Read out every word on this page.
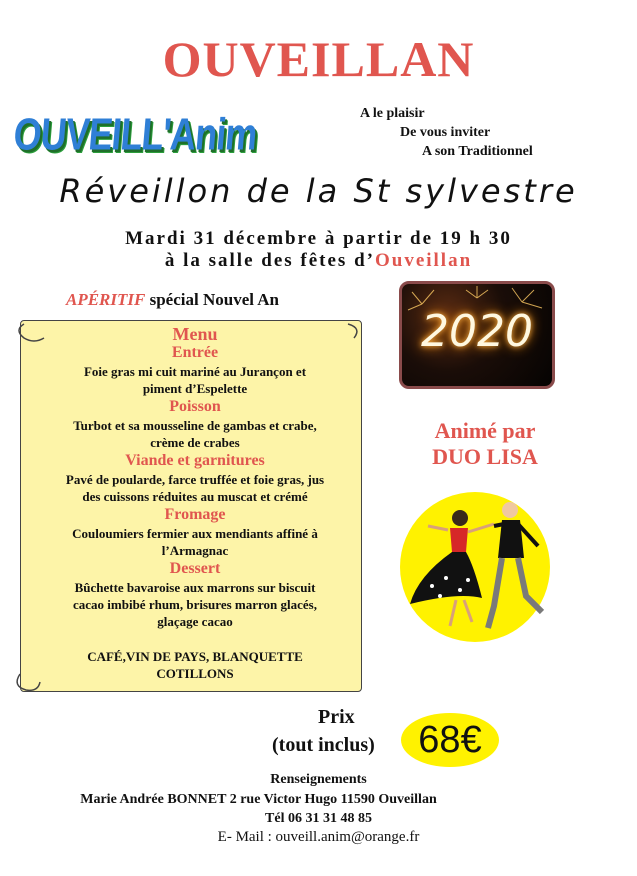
OUVEILLAN
OUVEILL'Anim	A le plaisir
De vous inviter
A son Traditionnel
Réveillon de la St sylvestre
Mardi 31 décembre à partir de 19 h 30
à la salle des fêtes d’Ouveillan
APÉRITIF spécial Nouvel An
Menu
Entrée
Foie gras mi cuit mariné au Jurançon et
piment d’Espelette
Poisson
Turbot et sa mousseline de gambas et crabe,
crème de crabes
Viande et garnitures
Pavé de poularde, farce truffée et foie gras, jus
des cuissons réduites au muscat et crémé
Fromage
Couloumiers fermier aux mendiants affiné à
l’Armagnac
Dessert
Bûchette bavaroise aux marrons sur biscuit
cacao imbibé rhum, brisures marron glacés,
glaçage cacao
CAFÉ,VIN DE PAYS, BLANQUETTE
COTILLONS
2020
Animé par
DUO LISA
Prix
(tout inclus)	68€
Renseignements
Marie Andrée BONNET 2 rue Victor Hugo 11590 Ouveillan
Tél 06 31 31 48 85
E- Mail : ouveill.anim@orange.fr
